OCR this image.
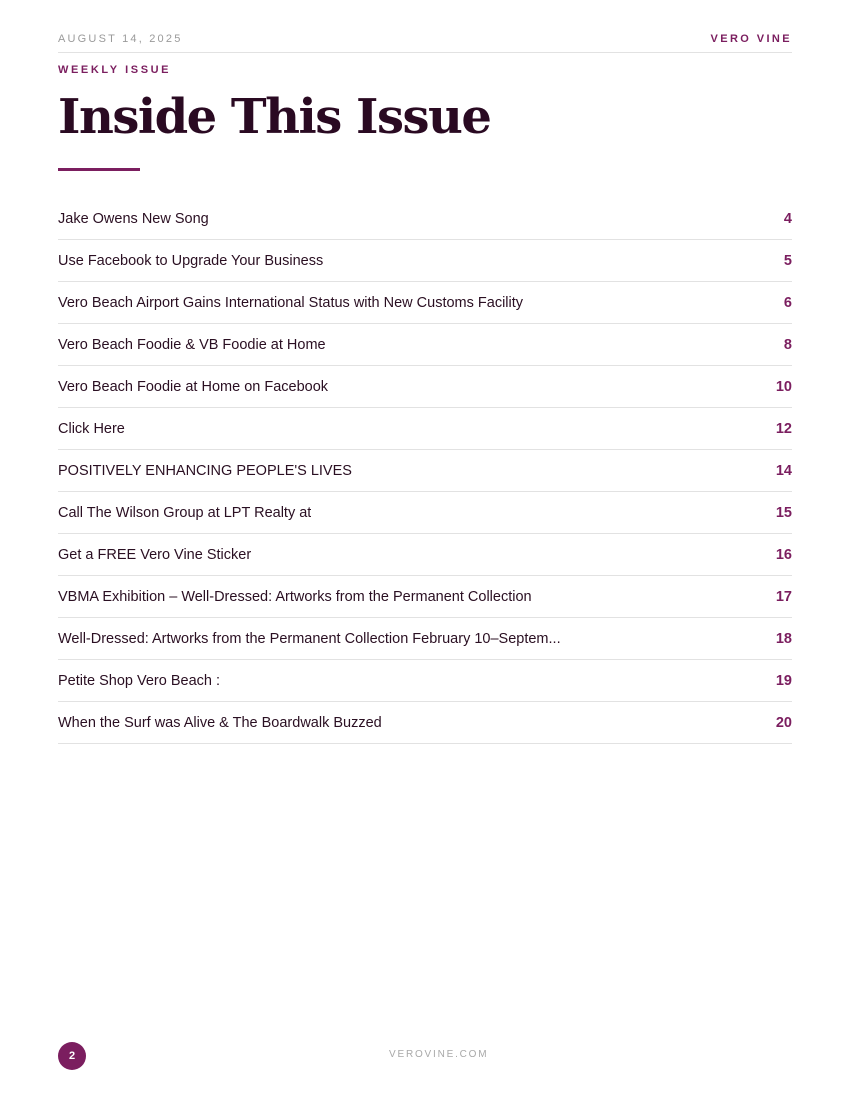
AUGUST 14, 2025	VERO VINE
WEEKLY ISSUE
Inside This Issue
Jake Owens New Song	4
Use Facebook to Upgrade Your Business	5
Vero Beach Airport Gains International Status with New Customs Facility	6
Vero Beach Foodie & VB Foodie at Home	8
Vero Beach Foodie at Home on Facebook	10
Click Here	12
POSITIVELY ENHANCING PEOPLE'S LIVES	14
Call The Wilson Group at LPT Realty at	15
Get a FREE Vero Vine Sticker	16
VBMA Exhibition – Well-Dressed: Artworks from the Permanent Collection	17
Well-Dressed: Artworks from the Permanent Collection February 10–Septem...	18
Petite Shop Vero Beach :	19
When the Surf was Alive & The Boardwalk Buzzed	20
2	VEROVINE.COM
